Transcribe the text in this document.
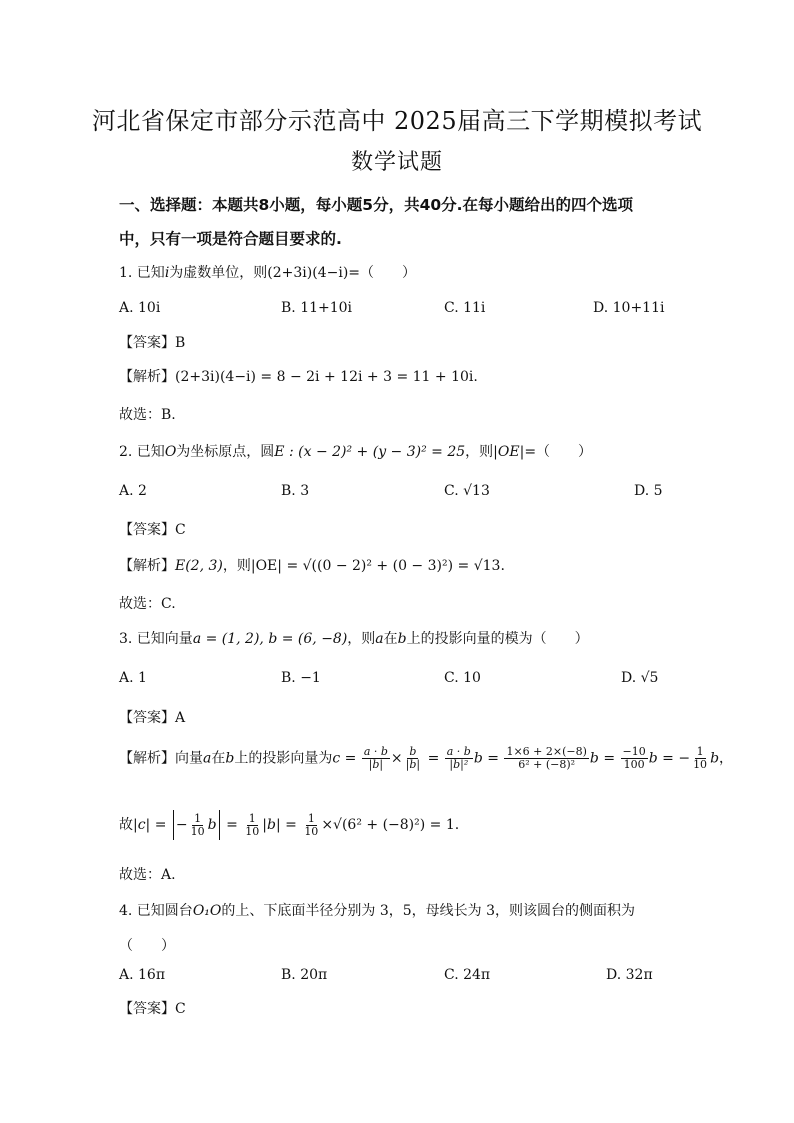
河北省保定市部分示范高中 2025届高三下学期模拟考试
数学试题
一、选择题：本题共8小题，每小题5分，共40分.在每小题给出的四个选项
中，只有一项是符合题目要求的.
1. 已知i为虚数单位，则(2+3i)(4−i)=（　　）
A. 10i	B. 11+10i	C. 11i	D. 10+11i
【答案】B
【解析】(2+3i)(4−i) = 8 − 2i + 12i + 3 = 11 + 10i.
故选：B.
2. 已知O为坐标原点，圆E : (x − 2)² + (y − 3)² = 25，则|OE|=（　　）
A. 2	B. 3	C. √13	D. 5
【答案】C
【解析】E(2, 3)，则|OE| = √((0 − 2)² + (0 − 3)²) = √13.
故选：C.
3. 已知向量a = (1, 2), b = (6, −8)，则a在b上的投影向量的模为（　　）
A. 1	B. −1	C. 10	D. √5
【答案】A
【解析】向量a在b上的投影向量为$c = \frac{a \cdot b}{|b|} \times \frac{b}{|b|} = \frac{a \cdot b}{\text{|b|²}}$ $b = \frac{1\times 6 + 2\times(-8)}{\text{6² + (−8)²}}$ $b = \frac{-10}{100}$ b = − $\frac{1}{10}$ b，
故|c| = − $\frac{1}{10}$ $b = \frac{1}{10} |b| = \frac{1}{10} \times√(6^2 + (-8)^2) = 1$.
故选：A.
4. 已知圆台O₁O的上、下底面半径分别为 3，5，母线长为 3，则该圆台的侧面积为
（　　）
A. 16π	B. 20π	C. 24π	D. 32π
【答案】C
